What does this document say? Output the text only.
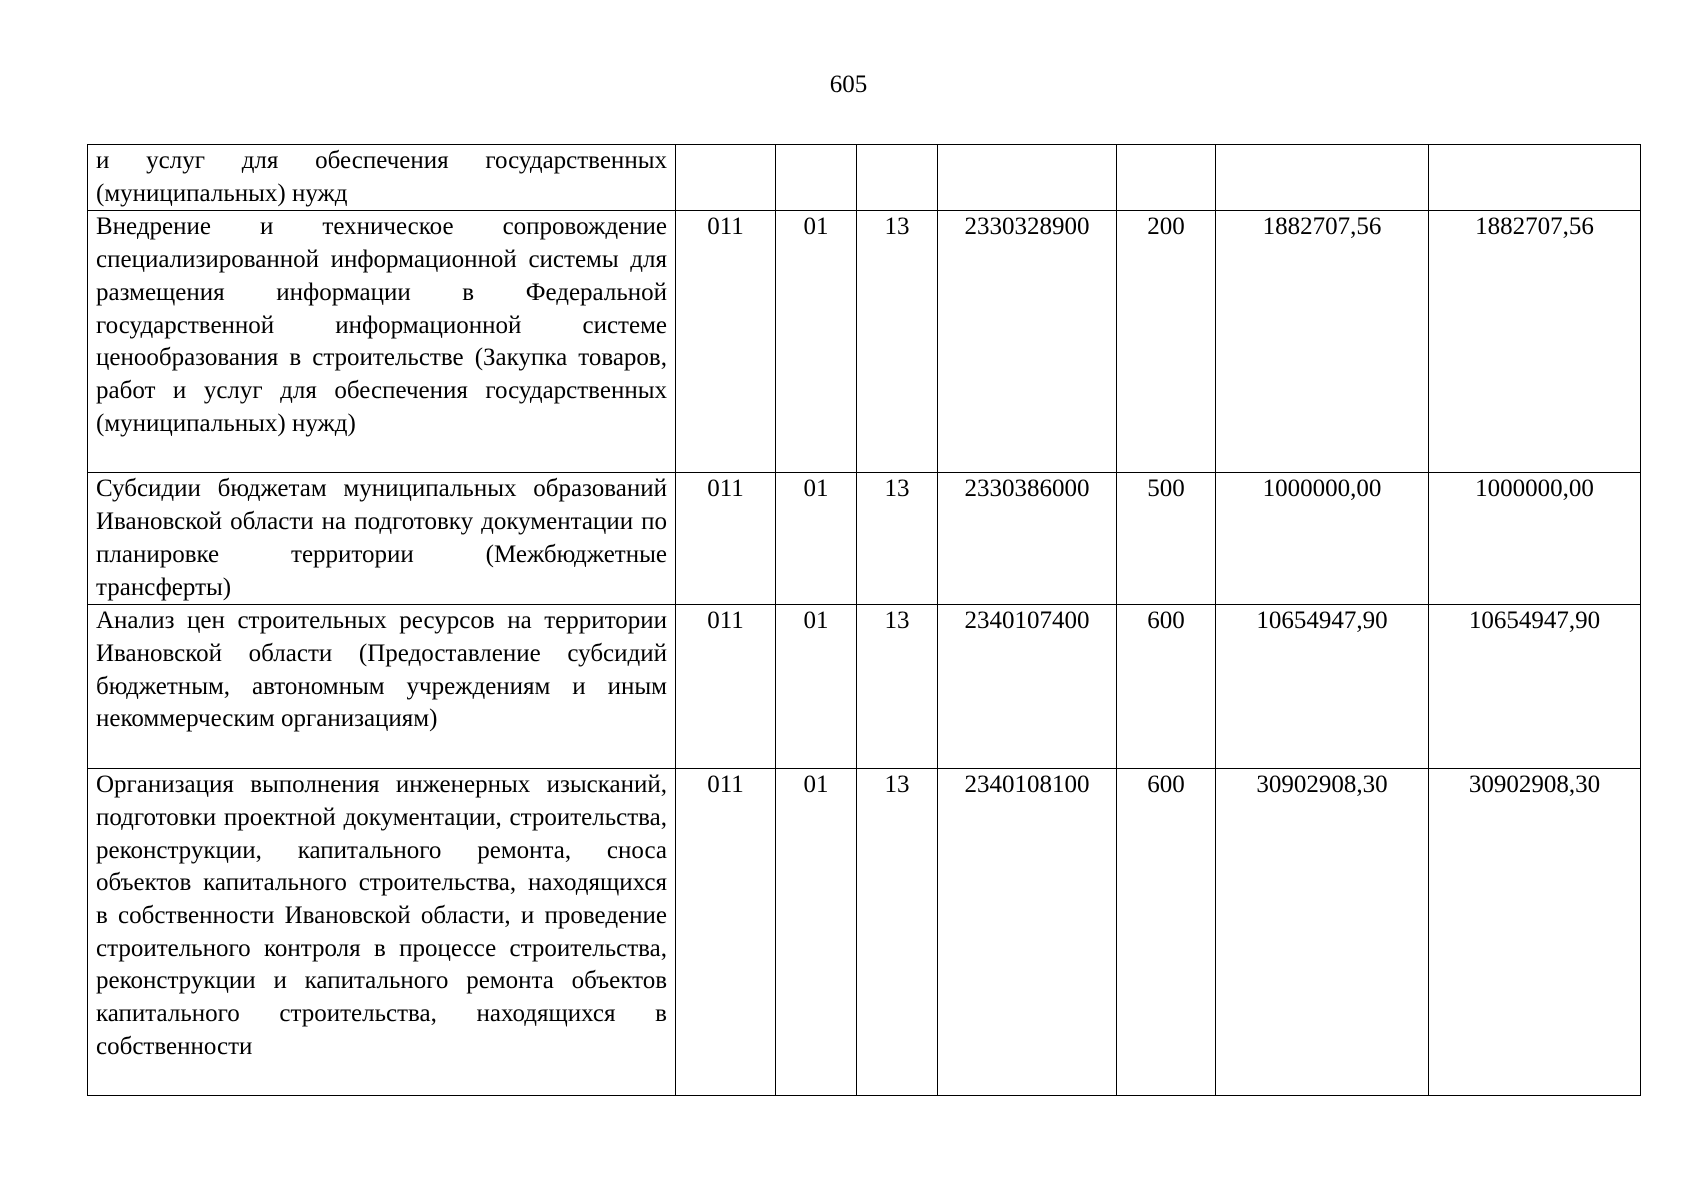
605
и услуг для обеспечения государственных (муниципальных) нужд							
Внедрение и техническое сопровождение специализированной информационной системы для размещения информации в Федеральной государственной информационной системе ценообразования в строительстве (Закупка товаров, работ и услуг для обеспечения государственных (муниципальных) нужд)	011	01	13	2330328900	200	1882707,56	1882707,56
Субсидии бюджетам муниципальных образований Ивановской области на подготовку документации по планировке территории (Межбюджетные трансферты)	011	01	13	2330386000	500	1000000,00	1000000,00
Анализ цен строительных ресурсов на территории Ивановской области (Предоставление субсидий бюджетным, автономным учреждениям и иным некоммерческим организациям)	011	01	13	2340107400	600	10654947,90	10654947,90
Организация выполнения инженерных изысканий, подготовки проектной документации, строительства, реконструкции, капитального ремонта, сноса объектов капитального строительства, находящихся в собственности Ивановской области, и проведение строительного контроля в процессе строительства, реконструкции и капитального ремонта объектов капитального строительства, находящихся в собственности	011	01	13	2340108100	600	30902908,30	30902908,30
